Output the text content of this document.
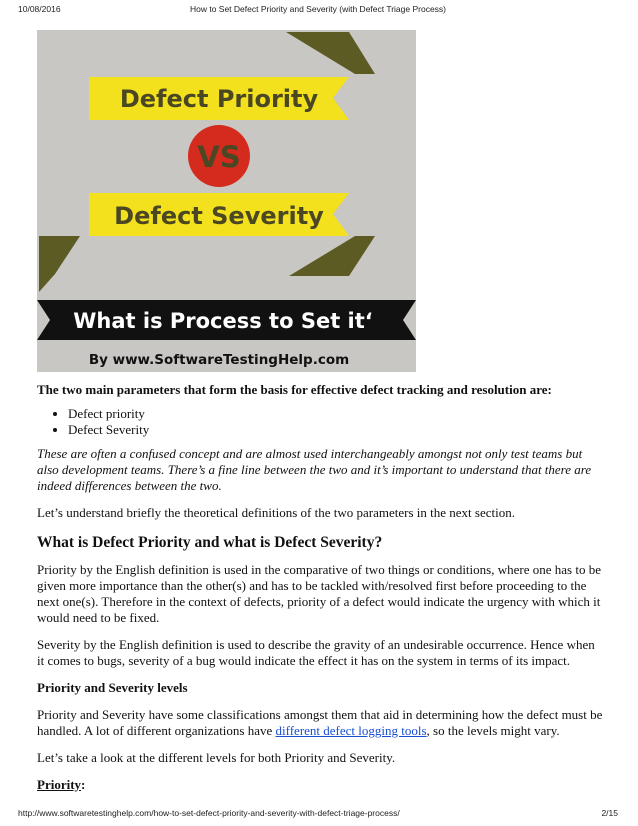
10/08/2016	How to Set Defect Priority and Severity (with Defect Triage Process)
Defect Priority
VS
Defect Severity
What is Process to Set it‘
By www.SoftwareTestingHelp.com

The two main parameters that form the basis for effective defect tracking and resolution are:

• Defect priority
• Defect Severity

These are often a confused concept and are almost used interchangeably amongst not only test teams but also development teams. There’s a fine line between the two and it’s important to understand that there are indeed differences between the two.

Let’s understand briefly the theoretical definitions of the two parameters in the next section.

What is Defect Priority and what is Defect Severity?

Priority by the English definition is used in the comparative of two things or conditions, where one has to be given more importance than the other(s) and has to be tackled with/resolved first before proceeding to the next one(s). Therefore in the context of defects, priority of a defect would indicate the urgency with which it would need to be fixed.

Severity by the English definition is used to describe the gravity of an undesirable occurrence. Hence when it comes to bugs, severity of a bug would indicate the effect it has on the system in terms of its impact.

Priority and Severity levels

Priority and Severity have some classifications amongst them that aid in determining how the defect must be handled. A lot of different organizations have different defect logging tools, so the levels might vary.

Let’s take a look at the different levels for both Priority and Severity.

Priority:

http://www.softwaretestinghelp.com/how-to-set-defect-priority-and-severity-with-defect-triage-process/	2/15
